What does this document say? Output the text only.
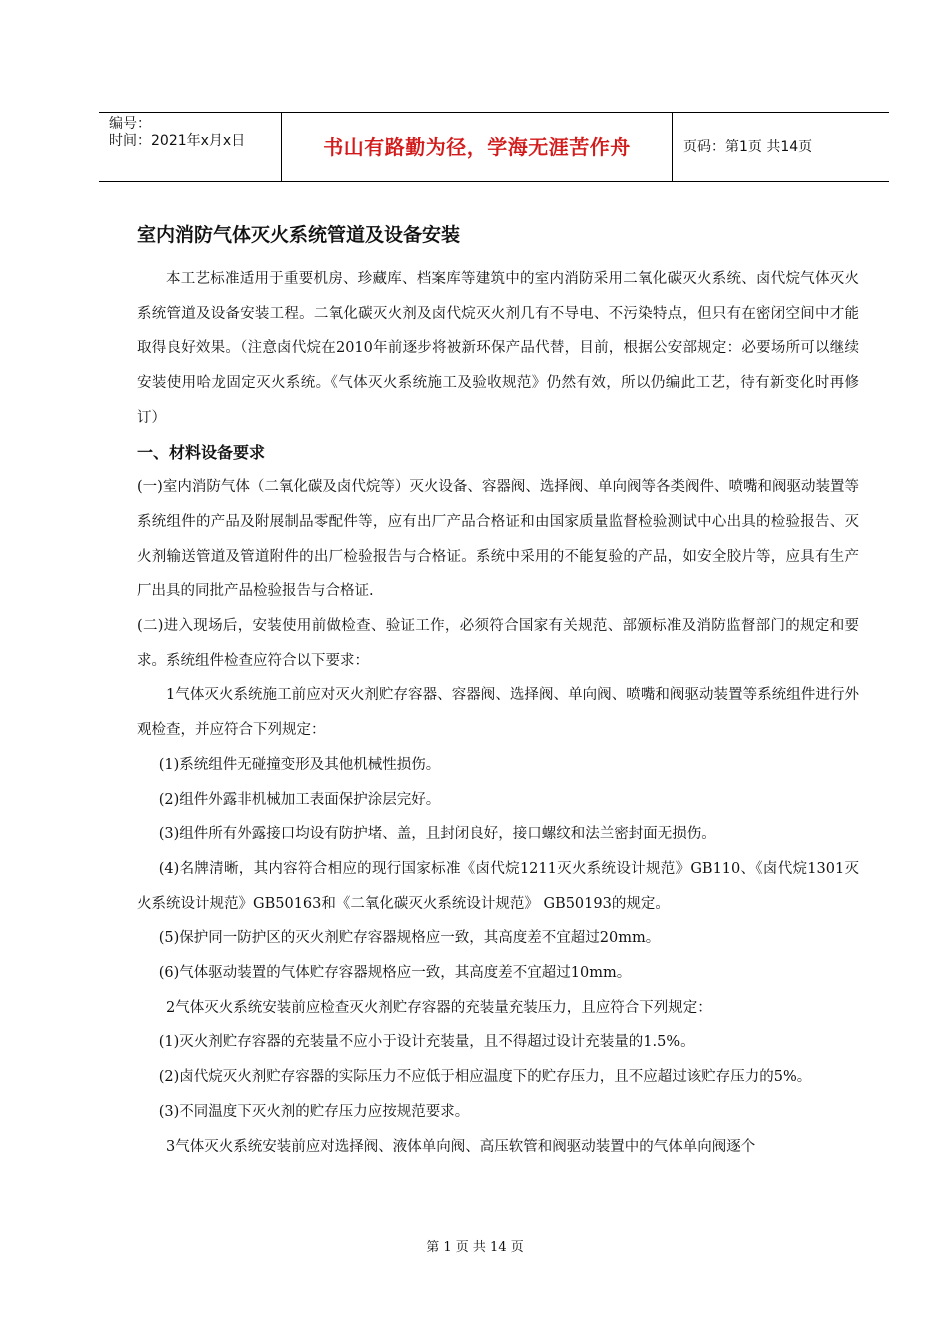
编号：
时间：2021年x月x日	书山有路勤为径，学海无涯苦作舟	页码：第1页 共14页
室内消防气体灭火系统管道及设备安装

本工艺标准适用于重要机房、珍藏库、档案库等建筑中的室内消防采用二氧化碳灭火系统、卤代烷气体灭火系统管道及设备安装工程。二氧化碳灭火剂及卤代烷灭火剂几有不导电、不污染特点，但只有在密闭空间中才能取得良好效果。（注意卤代烷在2010年前逐步将被新环保产品代替，目前，根据公安部规定：必要场所可以继续安装使用哈龙固定灭火系统。《气体灭火系统施工及验收规范》仍然有效，所以仍编此工艺，待有新变化时再修订）

一、材料设备要求

(一)室内消防气体（二氧化碳及卤代烷等）灭火设备、容器阀、选择阀、单向阀等各类阀件、喷嘴和阀驱动装置等系统组件的产品及附展制品零配件等，应有出厂产品合格证和由国家质量监督检验测试中心出具的检验报告、灭火剂输送管道及管道附件的出厂检验报告与合格证。系统中采用的不能复验的产品，如安全胶片等，应具有生产厂出具的同批产品检验报告与合格证.

(二)进入现场后，安装使用前做检查、验证工作，必须符合国家有关规范、部颁标准及消防监督部门的规定和要求。系统组件检查应符合以下要求：

1气体灭火系统施工前应对灭火剂贮存容器、容器阀、选择阀、单向阀、喷嘴和阀驱动装置等系统组件进行外观检查，并应符合下列规定：

(1)系统组件无碰撞变形及其他机械性损伤。

(2)组件外露非机械加工表面保护涂层完好。

(3)组件所有外露接口均设有防护堵、盖，且封闭良好，接口螺纹和法兰密封面无损伤。

(4)名牌清晰，其内容符合相应的现行国家标准《卤代烷1211灭火系统设计规范》GB110、《卤代烷1301灭火系统设计规范》GB50163和《二氧化碳灭火系统设计规范》 GB50193的规定。

(5)保护同一防护区的灭火剂贮存容器规格应一致，其高度差不宜超过20mm。

(6)气体驱动装置的气体贮存容器规格应一致，其高度差不宜超过10mm。

2气体灭火系统安装前应检查灭火剂贮存容器的充装量充装压力，且应符合下列规定：

(1)灭火剂贮存容器的充装量不应小于设计充装量，且不得超过设计充装量的1.5%。

(2)卤代烷灭火剂贮存容器的实际压力不应低于相应温度下的贮存压力，且不应超过该贮存压力的5%。

(3)不同温度下灭火剂的贮存压力应按规范要求。

3气体灭火系统安装前应对选择阀、液体单向阀、高压软管和阀驱动装置中的气体单向阀逐个

第 1 页 共 14 页
